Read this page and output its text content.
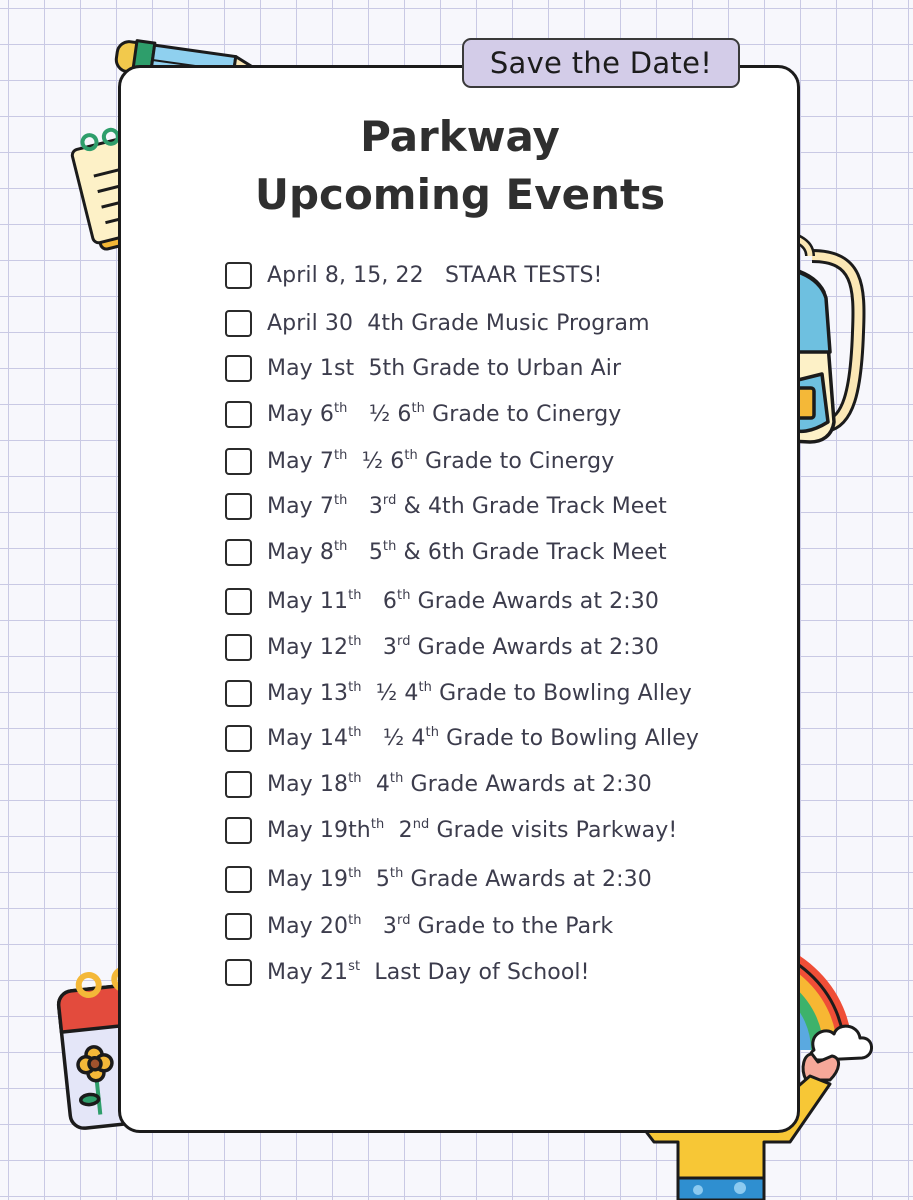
Save the Date!
Parkway
Upcoming Events
April 8, 15, 22 STAAR TESTS!
April 30 4th Grade Music Program
May 1st 5th Grade to Urban Air
May 6th ½ 6th Grade to Cinergy
May 7th ½ 6th Grade to Cinergy
May 7th 3rd & 4th Grade Track Meet
May 8th 5th & 6th Grade Track Meet
May 11th 6th Grade Awards at 2:30
May 12th 3rd Grade Awards at 2:30
May 13th ½ 4th Grade to Bowling Alley
May 14th ½ 4th Grade to Bowling Alley
May 18th 4th Grade Awards at 2:30
May $19th^{th}$ 2nd Grade visits Parkway!
May 19th 5th Grade Awards at 2:30
May 20th 3rd Grade to the Park
May 21st Last Day of School!
